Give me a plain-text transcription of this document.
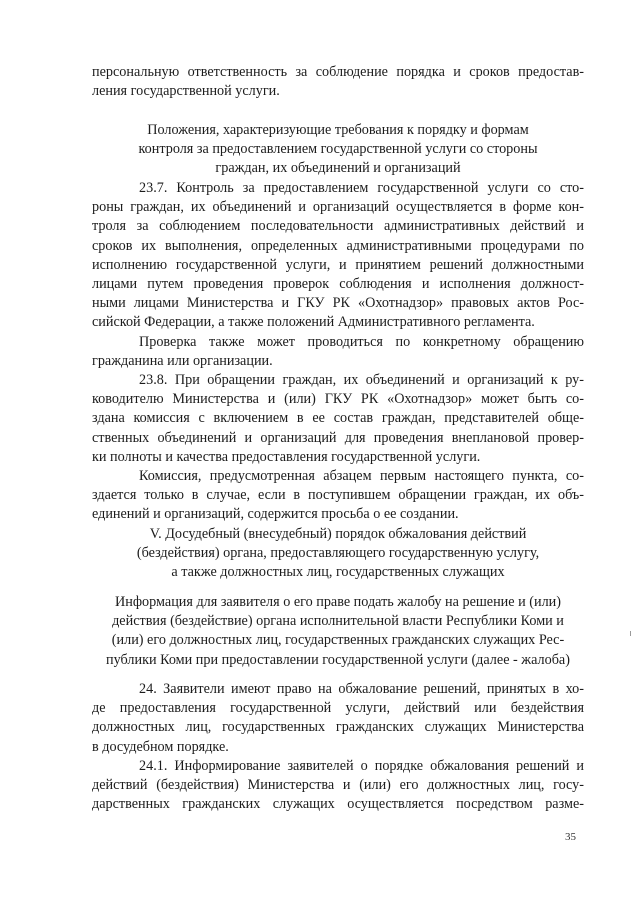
персональную ответственность за соблюдение порядка и сроков предостав-
ления государственной услуги.
Положения, характеризующие требования к порядку и формам
контроля за предоставлением государственной услуги со стороны
граждан, их объединений и организаций
23.7. Контроль за предоставлением государственной услуги со сто-
роны граждан, их объединений и организаций осуществляется в форме кон-
троля за соблюдением последовательности административных действий и
сроков их выполнения, определенных административными процедурами по
исполнению государственной услуги, и принятием решений должностными
лицами путем проведения проверок соблюдения и исполнения должност-
ными лицами Министерства и ГКУ РК «Охотнадзор» правовых актов Рос-
сийской Федерации, а также положений Административного регламента.
Проверка также может проводиться по конкретному обращению
гражданина или организации.
23.8. При обращении граждан, их объединений и организаций к ру-
ководителю Министерства и (или) ГКУ РК «Охотнадзор» может быть со-
здана комиссия с включением в ее состав граждан, представителей обще-
ственных объединений и организаций для проведения внеплановой провер-
ки полноты и качества предоставления государственной услуги.
Комиссия, предусмотренная абзацем первым настоящего пункта, со-
здается только в случае, если в поступившем обращении граждан, их объ-
единений и организаций, содержится просьба о ее создании.
V. Досудебный (внесудебный) порядок обжалования действий
(бездействия) органа, предоставляющего государственную услугу,
а также должностных лиц, государственных служащих
Информация для заявителя о его праве подать жалобу на решение и (или)
действия (бездействие) органа исполнительной власти Республики Коми и
(или) его должностных лиц, государственных гражданских служащих Рес-
публики Коми при предоставлении государственной услуги (далее - жалоба)
24. Заявители имеют право на обжалование решений, принятых в хо-
де предоставления государственной услуги, действий или бездействия
должностных лиц, государственных гражданских служащих Министерства
в досудебном порядке.
24.1. Информирование заявителей о порядке обжалования решений и
действий (бездействия) Министерства и (или) его должностных лиц, госу-
дарственных гражданских служащих осуществляется посредством разме-
35
